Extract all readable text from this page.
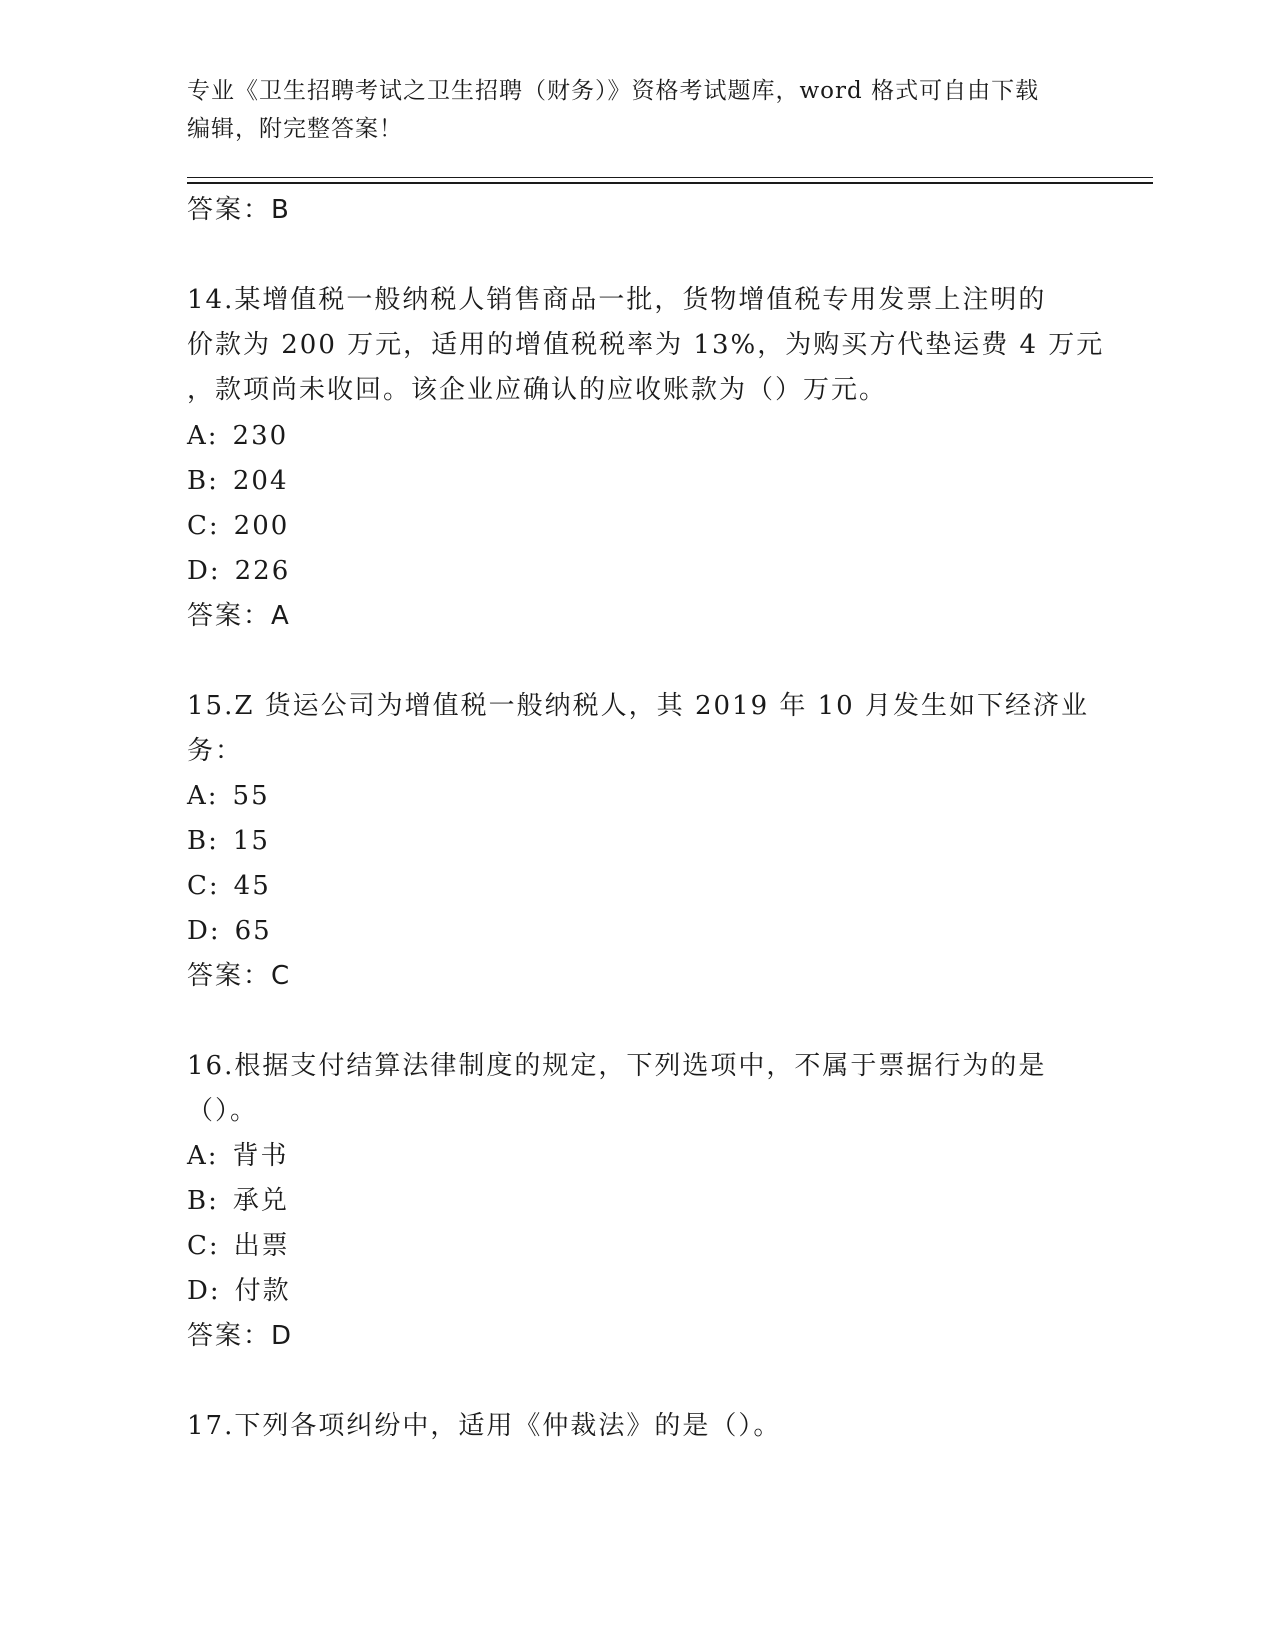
专业《卫生招聘考试之卫生招聘（财务）》资格考试题库，word 格式可自由下载
编辑，附完整答案！
答案：B
14.某增值税一般纳税人销售商品一批，货物增值税专用发票上注明的
价款为 200 万元，适用的增值税税率为 13%，为购买方代垫运费 4 万元
，款项尚未收回。该企业应确认的应收账款为（）万元。
A: 230
B: 204
C: 200
D: 226
答案：A
15.Z 货运公司为增值税一般纳税人，其 2019 年 10 月发生如下经济业
务：
A: 55
B: 15
C: 45
D: 65
答案：C
16.根据支付结算法律制度的规定，下列选项中，不属于票据行为的是
（）。
A: 背书
B: 承兑
C: 出票
D: 付款
答案：D
17.下列各项纠纷中，适用《仲裁法》的是（）。
